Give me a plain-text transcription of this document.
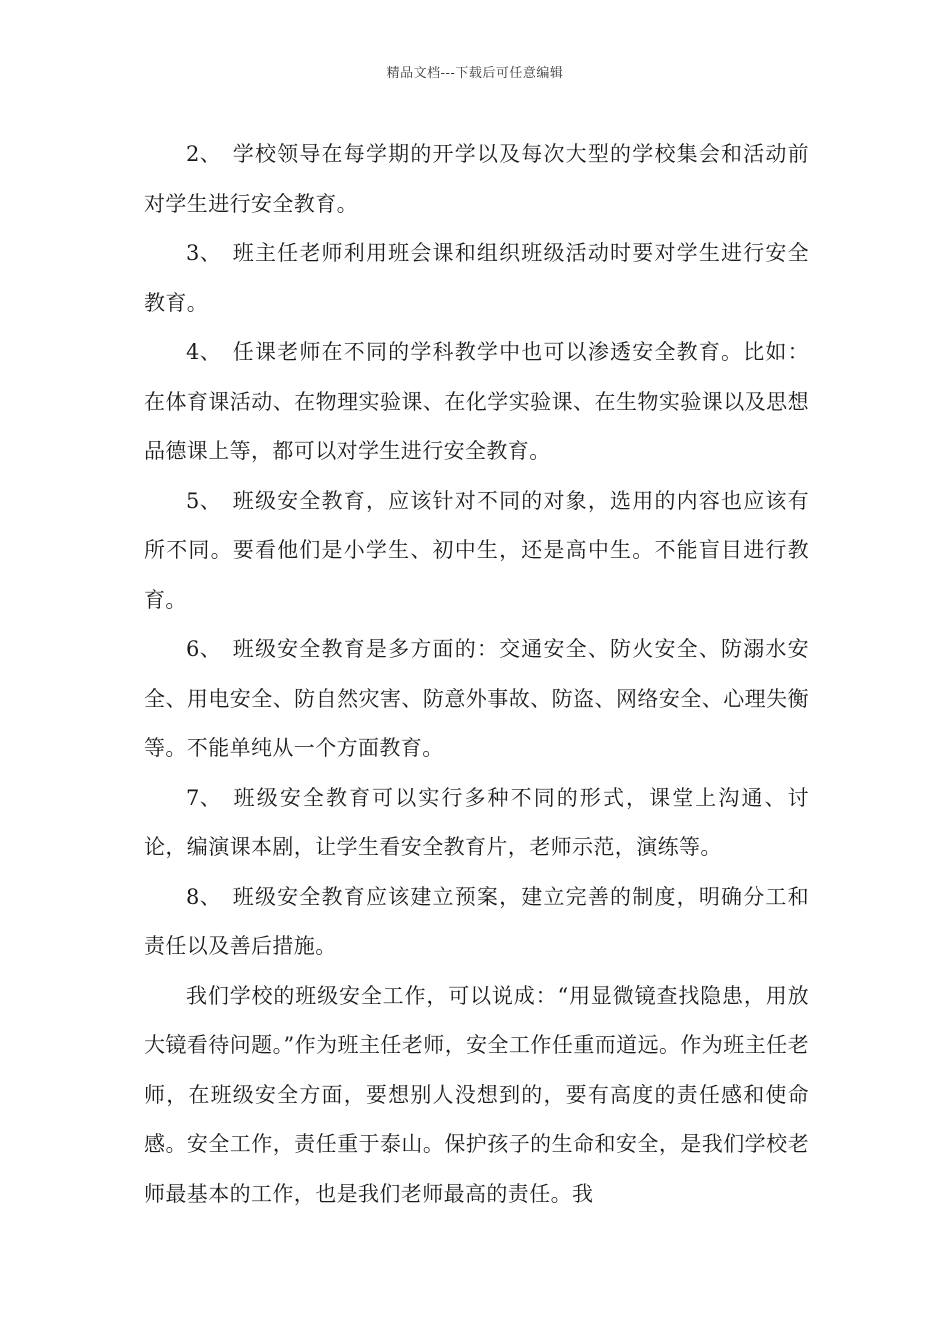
精品文档---下载后可任意编辑

2、 学校领导在每学期的开学以及每次大型的学校集会和活动前对学生进行安全教育。

3、 班主任老师利用班会课和组织班级活动时要对学生进行安全教育。

4、 任课老师在不同的学科教学中也可以渗透安全教育。比如：在体育课活动、在物理实验课、在化学实验课、在生物实验课以及思想品德课上等，都可以对学生进行安全教育。

5、 班级安全教育，应该针对不同的对象，选用的内容也应该有所不同。要看他们是小学生、初中生，还是高中生。不能盲目进行教育。

6、 班级安全教育是多方面的：交通安全、防火安全、防溺水安全、用电安全、防自然灾害、防意外事故、防盗、网络安全、心理失衡等。不能单纯从一个方面教育。

7、 班级安全教育可以实行多种不同的形式，课堂上沟通、讨论，编演课本剧，让学生看安全教育片，老师示范，演练等。

8、 班级安全教育应该建立预案，建立完善的制度，明确分工和责任以及善后措施。

我们学校的班级安全工作，可以说成：“用显微镜查找隐患，用放大镜看待问题。”作为班主任老师，安全工作任重而道远。作为班主任老师，在班级安全方面，要想别人没想到的，要有高度的责任感和使命感。安全工作，责任重于泰山。保护孩子的生命和安全，是我们学校老师最基本的工作，也是我们老师最高的责任。我
